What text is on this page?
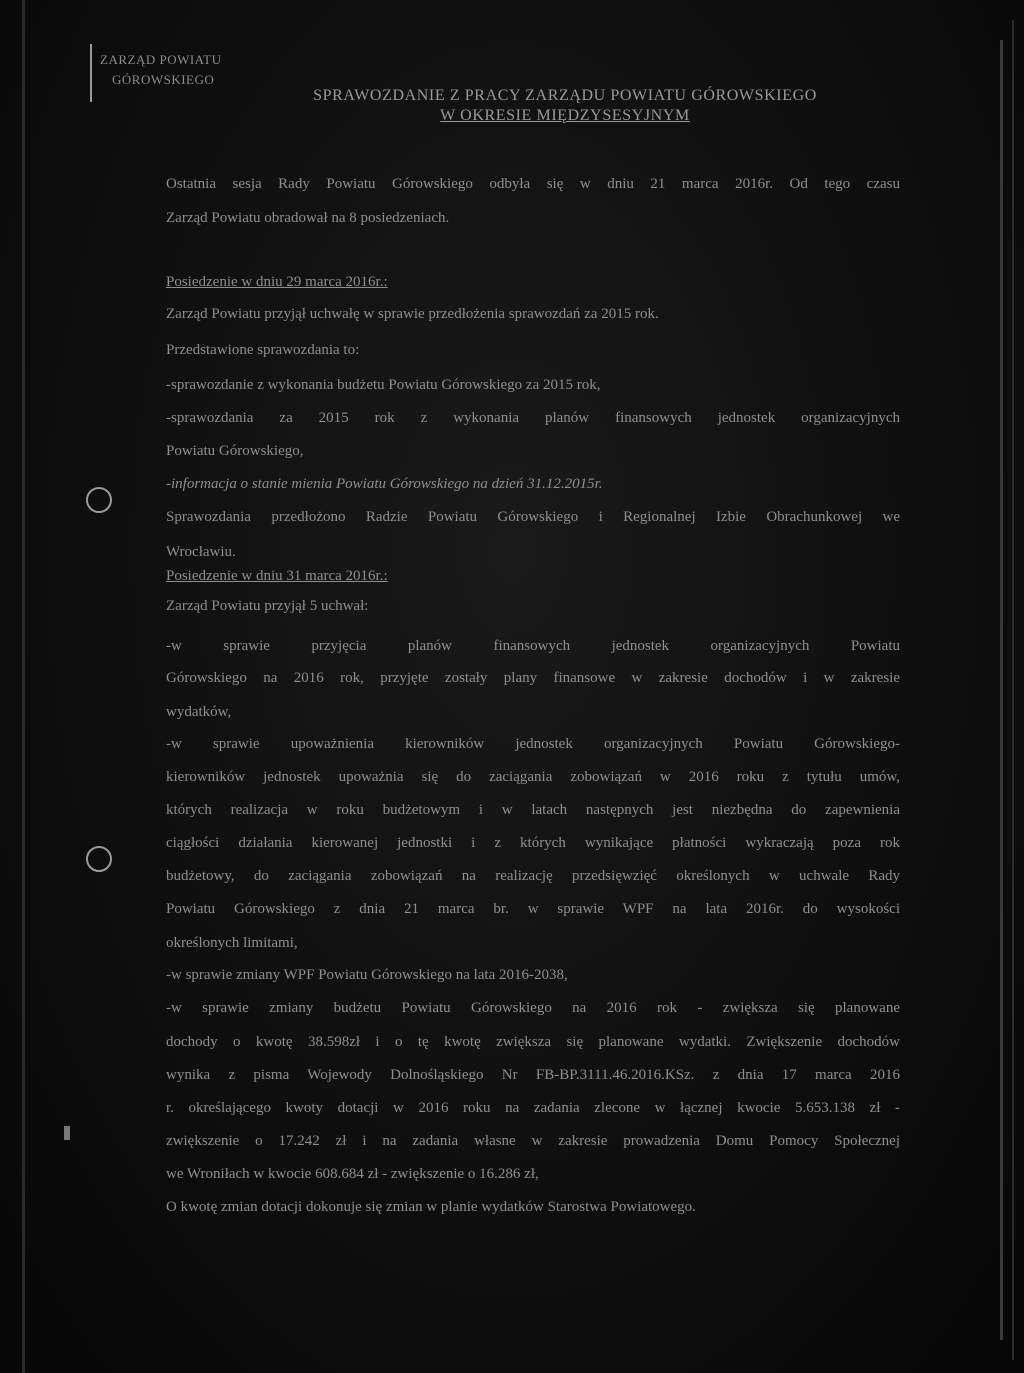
ZARZĄD POWIATU
GÓROWSKIEGO
SPRAWOZDANIE Z PRACY ZARZĄDU POWIATU GÓROWSKIEGO
W OKRESIE MIĘDZYSESYJNYM
Ostatnia sesja Rady Powiatu Górowskiego odbyła się w dniu 21 marca 2016r. Od tego czasu
Zarząd Powiatu obradował na 8 posiedzeniach.
Posiedzenie w dniu 29 marca 2016r.:
Zarząd Powiatu przyjął uchwałę w sprawie przedłożenia sprawozdań za 2015 rok.
Przedstawione sprawozdania to:
-sprawozdanie z wykonania budżetu Powiatu Górowskiego za 2015 rok,
-sprawozdania za 2015 rok z wykonania planów finansowych jednostek organizacyjnych
Powiatu Górowskiego,
-informacja o stanie mienia Powiatu Górowskiego na dzień 31.12.2015r.
Sprawozdania przedłożono Radzie Powiatu Górowskiego i Regionalnej Izbie Obrachunkowej we
Wrocławiu.
Posiedzenie w dniu 31 marca 2016r.:
Zarząd Powiatu przyjął 5 uchwał:
-w sprawie przyjęcia planów finansowych jednostek organizacyjnych Powiatu
Górowskiego na 2016 rok, przyjęte zostały plany finansowe w zakresie dochodów i w zakresie
wydatków,
-w sprawie upoważnienia kierowników jednostek organizacyjnych Powiatu Górowskiego-
kierowników jednostek upoważnia się do zaciągania zobowiązań w 2016 roku z tytułu umów,
których realizacja w roku budżetowym i w latach następnych jest niezbędna do zapewnienia
ciągłości działania kierowanej jednostki i z których wynikające płatności wykraczają poza rok
budżetowy, do zaciągania zobowiązań na realizację przedsięwzięć określonych w uchwale Rady
Powiatu Górowskiego z dnia 21 marca br. w sprawie WPF na lata 2016r. do wysokości
określonych limitami,
-w sprawie zmiany WPF Powiatu Górowskiego na lata 2016-2038,
-w sprawie zmiany budżetu Powiatu Górowskiego na 2016 rok - zwiększa się planowane
dochody o kwotę 38.598zł i o tę kwotę zwiększa się planowane wydatki. Zwiększenie dochodów
wynika z pisma Wojewody Dolnośląskiego Nr FB-BP.3111.46.2016.KSz. z dnia 17 marca 2016
r. określającego kwoty dotacji w 2016 roku na zadania zlecone w łącznej kwocie 5.653.138 zł -
zwiększenie o 17.242 zł i na zadania własne w zakresie prowadzenia Domu Pomocy Społecznej
we Wroniłach w kwocie 608.684 zł - zwiększenie o 16.286 zł,
O kwotę zmian dotacji dokonuje się zmian w planie wydatków Starostwa Powiatowego.
